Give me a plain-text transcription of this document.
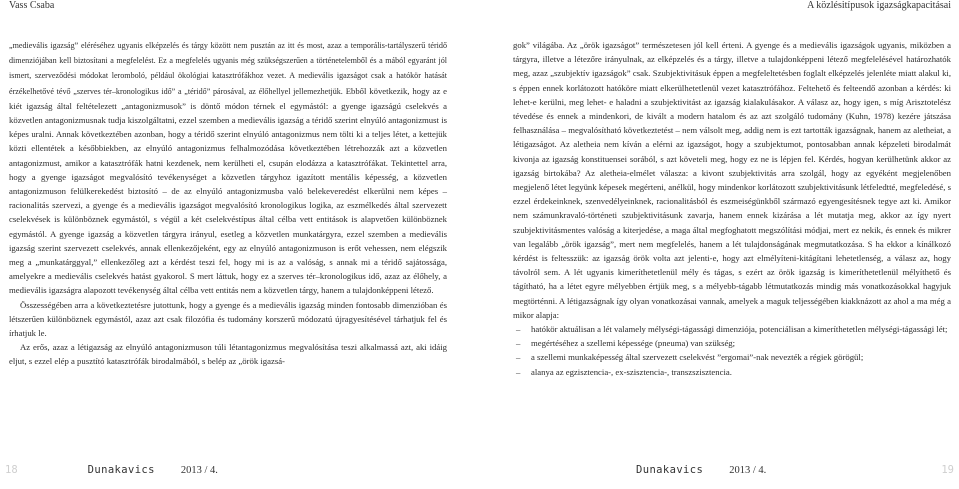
Vass Csaba	A közlésitípusok igazságkapacitásai

„medievális igazság” eléréséhez ugyanis elképzelés és tárgy között nem pusztán az itt és most, azaz a temporális-tartályszerű téridő dimenziójában kell biztosítani a megfelelést. Ez a megfelelés ugyanis még szükségszerűen a történetelemből és a mából egyaránt jól ismert, szerveződési módokat leromboló, például ökológiai katasztrófákhoz vezet. A medievális igazságot csak a hatókör hatását érzékelhetővé tévő „szerves tér–kronologikus idő” a „téridő” párosával, az élőhellyel jellemezhetjük. Ebből következik, hogy az e kiét igazság által feltételezett „antagonizmusok” is döntő módon térnek el egymástól: a gyenge igazságú cselekvés a közvetlen antagonizmusnak tudja kiszolgáltatni, ezzel szemben a medievális igazság a téridő szerint elnyúló antagonizmust is képes uralni. Annak következtében azonban, hogy a téridő szerint elnyúló antagonizmus nem tölti ki a teljes létet, a kettejük közti ellentétek a későbbiekben, az elnyúló antagonizmus felhalmozódása következtében létrehozzák azt a közvetlen antagonizmust, amikor a katasztrófák hatni kezdenek, nem kerülheti el, csupán elodázza a katasztrófákat. Tekintettel arra, hogy a gyenge igazságot megvalósító tevékenységet a közvetlen tárgyhoz igazított mentális képesség, a közvetlen antagonizmuson felülkerekedést biztosító – de az elnyúló antagonizmusba való belekeveredést elkerülni nem képes – racionalitás szervezi, a gyenge és a medievális igazságot megvalósító kronologikus logika, az eszmélkedés által szervezett cselekvések is különböznek egymástól, s végül a két cselekvéstípus által célba vett entitások is alapvetően különböznek egymástól. A gyenge igazság a közvetlen tárgyra irányul, esetleg a közvetlen munkatárgyra, ezzel szemben a medievális igazság szerint szervezett cselekvés, annak ellenkezőjeként, egy az elnyúló antagonizmuson is erőt vehessen, nem elégszik meg a „munkatárggyal,” ellenkezőleg azt a kérdést teszi fel, hogy mi is az a valóság, s annak mi a téridő sajátossága, amelyekre a medievális cselekvés hatást gyakorol. S mert láttuk, hogy ez a szerves tér–kronologikus idő, azaz az élőhely, a medievális igazságra alapozott tevékenység által célba vett entitás nem a közvetlen tárgy, hanem a tulajdonképpeni létező.

Összességében arra a következtetésre jutottunk, hogy a gyenge és a medievális igazság minden fontosabb dimenzióban és létszerűen különböznek egymástól, azaz azt csak filozófia és tudomány korszerű módozatú újragyesítésével tárhatjuk fel és írhatjuk le.

Az erős, azaz a létigazság az elnyúló antagonizmuson túli létantagonizmus megvalósítása teszi alkalmassá azt, aki idáig eljut, s ezzel elép a pusztító katasztrófák birodalmából, s belép az „örök igazsá-

gok” világába. Az „örök igazságot” természetesen jól kell érteni. A gyenge és a medievális igazságok ugyanis, miközben a tárgyra, illetve a létezőre irányulnak, az elképzelés és a tárgy, illetve a tulajdonképpeni létező megfelelésével határozhatók meg, azaz „szubjektív igazságok” csak. Szubjektivitásuk éppen a megfeleltetésben foglalt elképzelés jelenléte miatt alakul ki, s éppen ennek korlátozott hatóköre miatt elkerülhetetlenül vezet katasztrófához. Feltehető és felteendő azonban a kérdés: ki lehet-e kerülni, meg lehet- e haladni a szubjektivitást az igazság kialakulásakor. A válasz az, hogy igen, s míg Arisztotelész tévedése és ennek a mindenkori, de kivált a modern hatalom és az azt szolgáló tudomány (Kuhn, 1978) kezére játszása felhasználása – megvalósítható következtetést – nem válsolt meg, addig nem is ezt tartották igazságnak, hanem az aletheiat, a létigazságot. Az aletheia nem kíván a elérni az igazságot, hogy a szubjektumot, pontosabban annak képzeleti birodalmát kivonja az igazság konstituensei sorából, s azt követeli meg, hogy ez ne is lépjen fel. Kérdés, hogyan kerülhetünk akkor az igazság birtokába? Az aletheia-elmélet válasza: a kivont szubjektivitás arra szolgál, hogy az egyéként megjelenőben megjelenő létet legyünk képesek megérteni, anélkül, hogy mindenkor korlátozott szubjektivitásunk létfeledtté, megfeledésé, s ezzel érdekeinknek, szenvedélyeinknek, racionalitásból és eszmeiségünkből származó egyengesítésnek tegye azt ki. Amikor nem számunkravaló-történeti szubjektivitásunk zavarja, hanem ennek kizárása a lét mutatja meg, akkor az így nyert szubjektivitásmentes valóság a kiterjedése, a maga által megfoghatott megszólítási módjai, mert ez nekik, és ennek és mikrer van legalább „örök igazság”, mert nem megfelelés, hanem a lét tulajdonságának megmutatkozása. S ha ekkor a kínálkozó kérdést is feltesszük: az igazság örök volta azt jelenti-e, hogy azt elmélyíteni-kitágítani lehetetlenség, a válasz az, hogy távolról sem. A lét ugyanis kimeríthetetlenül mély és tágas, s ezért az örök igazság is kimeríthetetlenül mélyíthető és tágítható, ha a létet egyre mélyebben értjük meg, s a mélyebb-tágabb létmutatkozás mindig más vonatkozásokkal hagyjuk megtörténni. A létigazságnak így olyan vonatkozásai vannak, amelyek a maguk teljességében kiakknázott az ahol a ma még a mikor alapja:

– hatókör aktuálisan a lét valamely mélységi-tágassági dimenziója, potenciálisan a kimeríthetetlen mélységi-tágassági lét;
– megértéséhez a szellemi képessége (pneuma) van szükség;
– a szellemi munkaképesség által szervezett cselekvést ”ergomai”-nak nevezték a régiek görögül;
– alanya az egzisztencia-, ex-szisztencia-, transzszisztencia.
18	Dunakavics 2013 / 4.	Dunakavics 2013 / 4.	19
